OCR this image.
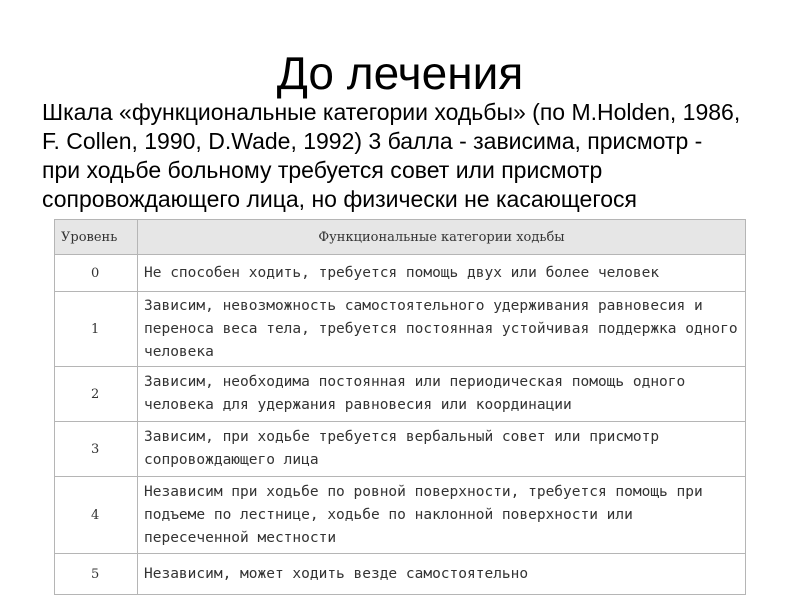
До лечения
Шкала «функциональные категории ходьбы» (по M.Holden, 1986, F. Collen, 1990, D.Wade, 1992) 3 балла - зависима, присмотр - при ходьбе больному требуется совет или присмотр сопровождающего лица, но физически не касающегося
Уровень	Функциональные категории ходьбы
0	Не способен ходить, требуется помощь двух или более человек
1	Зависим, невозможность самостоятельного удерживания равновесия и переноса веса тела, требуется постоянная устойчивая поддержка одного человека
2	Зависим, необходима постоянная или периодическая помощь одного человека для удержания равновесия или координации
3	Зависим, при ходьбе требуется вербальный совет или присмотр сопровождающего лица
4	Независим при ходьбе по ровной поверхности, требуется помощь при подъеме по лестнице, ходьбе по наклонной поверхности или пересеченной местности
5	Независим, может ходить везде самостоятельно
